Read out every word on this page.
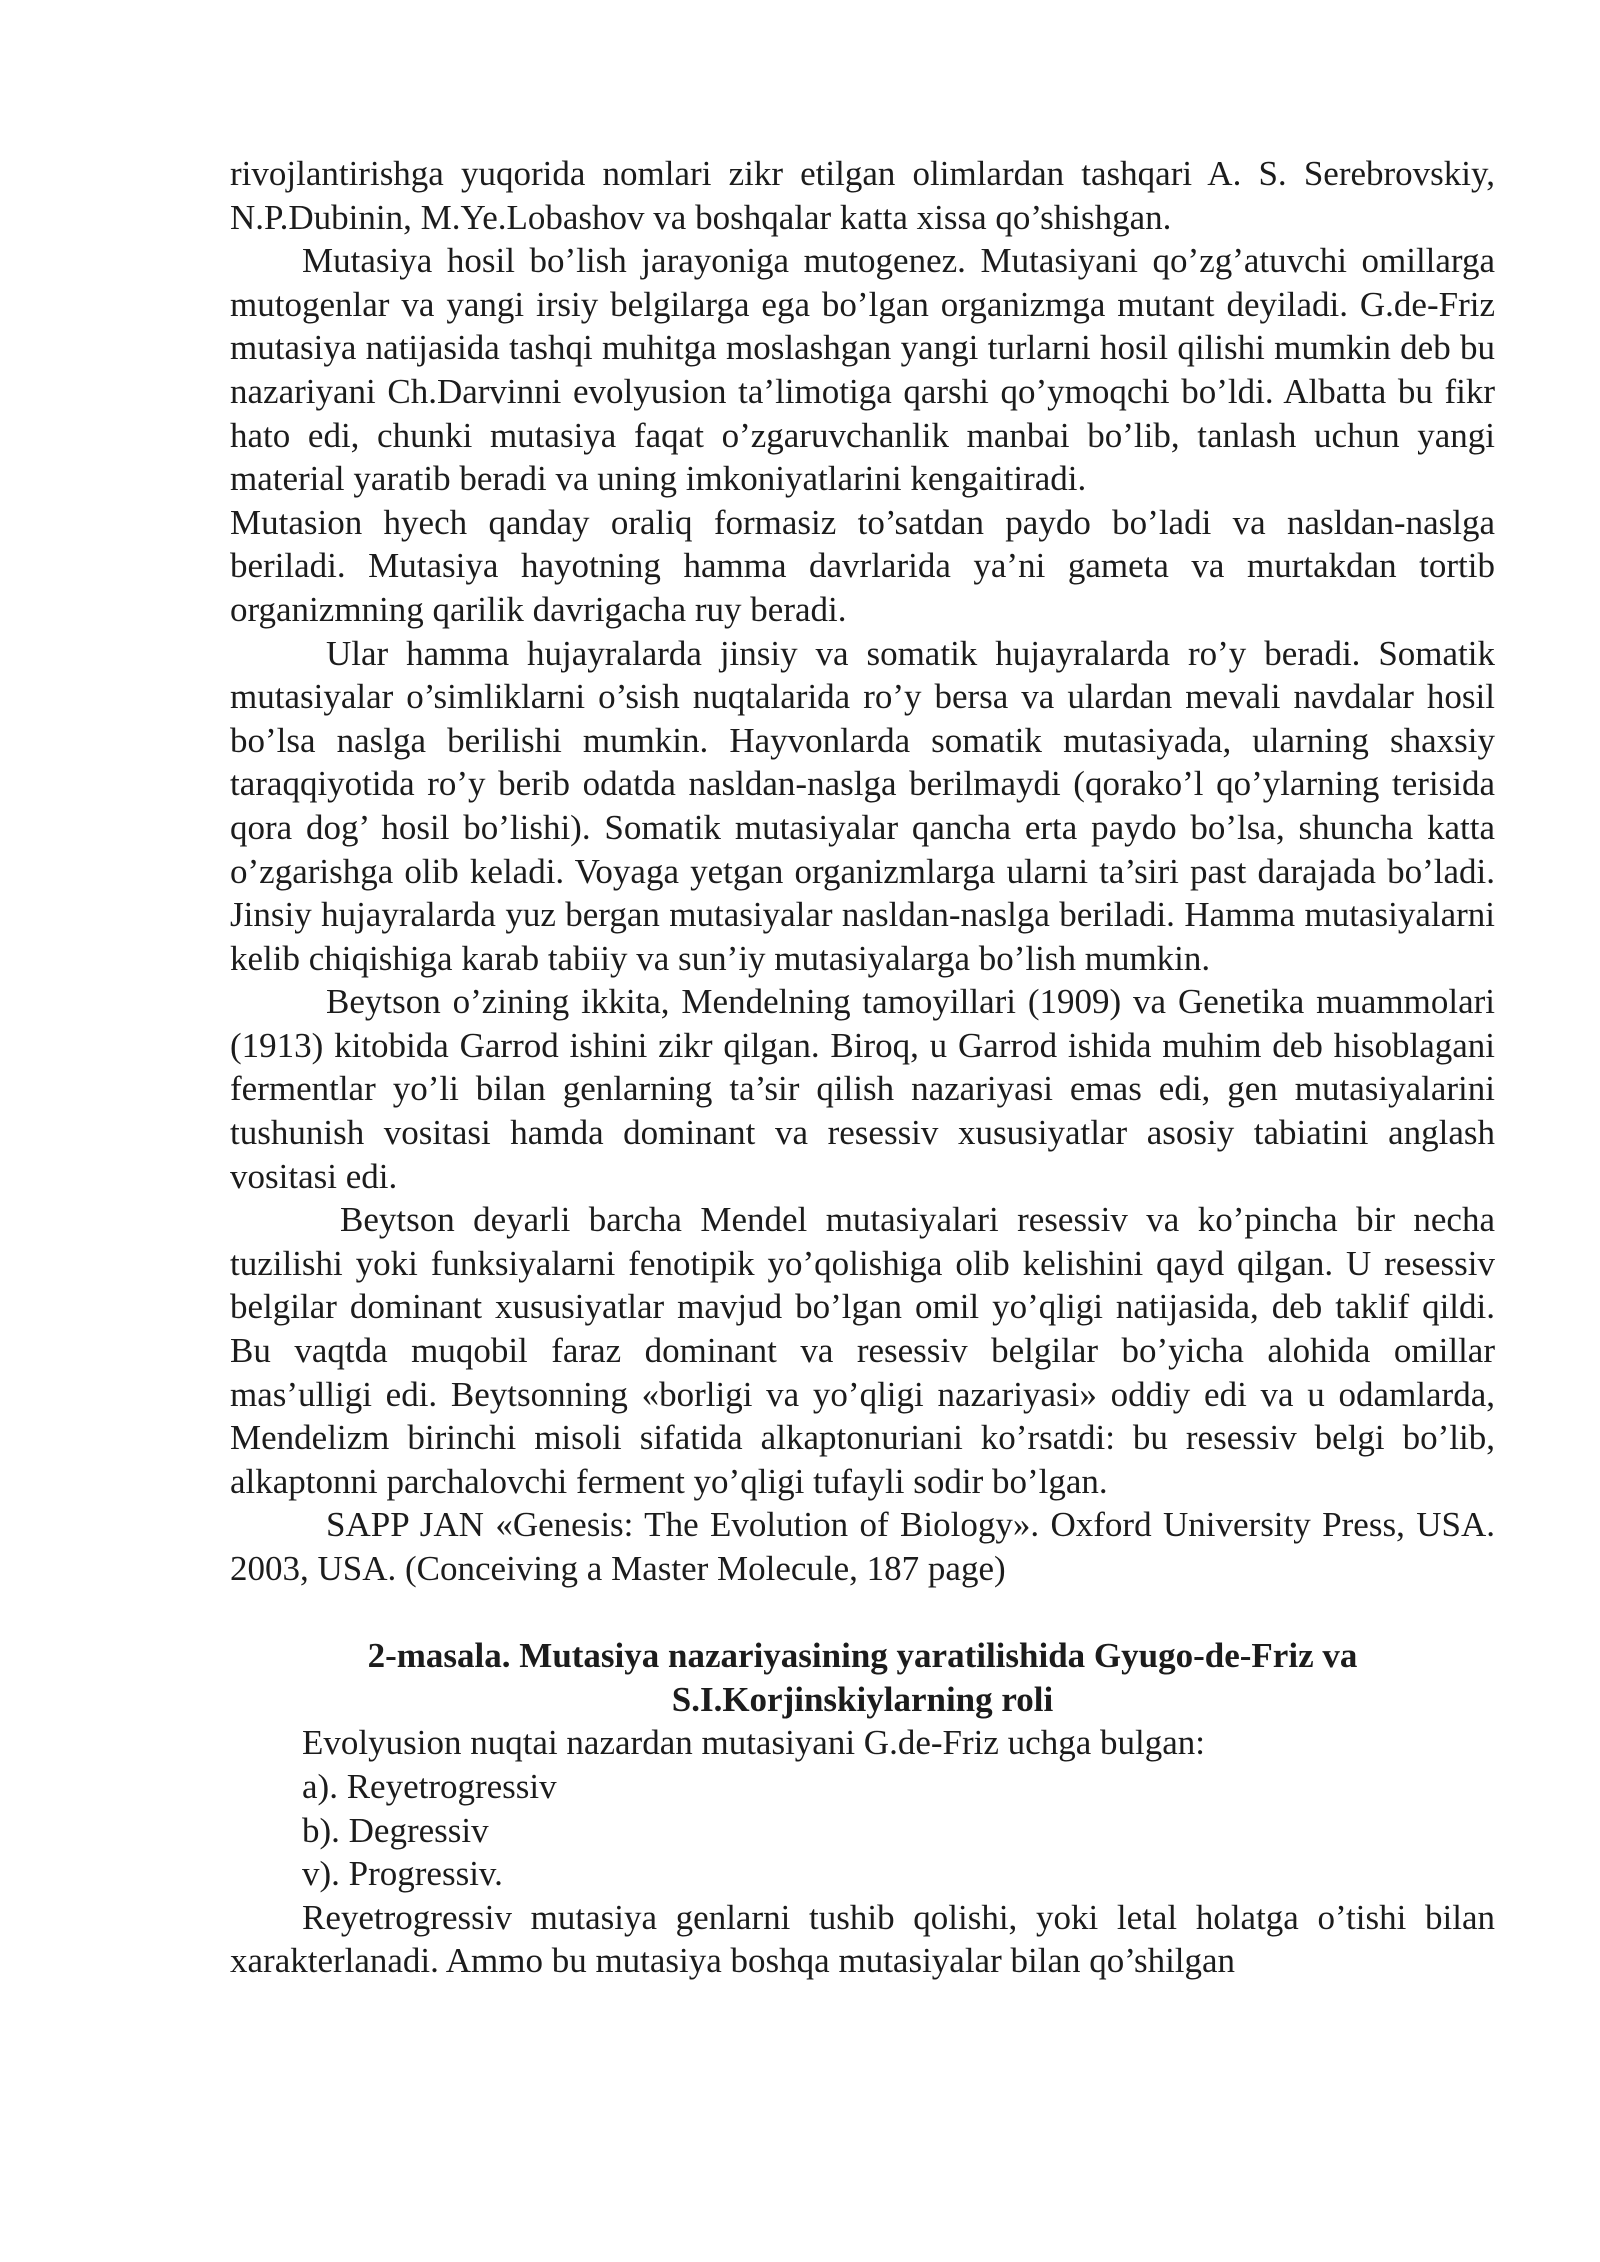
rivojlantirishga yuqorida nomlari zikr etilgan olimlardan tashqari A. S. Serebrovskiy, N.P.Dubinin, M.Ye.Lobashov va boshqalar katta xissa qo’shishgan.

Mutasiya hosil bo’lish jarayoniga mutogenez. Mutasiyani qo’zg’atuvchi omillarga mutogenlar va yangi irsiy belgilarga ega bo’lgan organizmga mutant deyiladi. G.de-Friz mutasiya natijasida tashqi muhitga moslashgan yangi turlarni hosil qilishi mumkin deb bu nazariyani Ch.Darvinni evolyusion ta’limotiga qarshi qo’ymoqchi bo’ldi. Albatta bu fikr hato edi, chunki mutasiya faqat o’zgaruvchanlik manbai bo’lib, tanlash uchun yangi material yaratib beradi va uning imkoniyatlarini kengaitiradi.

Mutasion hyech qanday oraliq formasiz to’satdan paydo bo’ladi va nasldan-naslga beriladi. Mutasiya hayotning hamma davrlarida ya’ni gameta va murtakdan tortib organizmning qarilik davrigacha ruy beradi.

Ular hamma hujayralarda jinsiy va somatik hujayralarda ro’y beradi. Somatik mutasiyalar o’simliklarni o’sish nuqtalarida ro’y bersa va ulardan mevali navdalar hosil bo’lsa naslga berilishi mumkin. Hayvonlarda somatik mutasiyada, ularning shaxsiy taraqqiyotida ro’y berib odatda nasldan-naslga berilmaydi (qorako’l qo’ylarning terisida qora dog’ hosil bo’lishi). Somatik mutasiyalar qancha erta paydo bo’lsa, shuncha katta o’zgarishga olib keladi. Voyaga yetgan organizmlarga ularni ta’siri past darajada bo’ladi. Jinsiy hujayralarda yuz bergan mutasiyalar nasldan-naslga beriladi. Hamma mutasiyalarni kelib chiqishiga karab tabiiy va sun’iy mutasiyalarga bo’lish mumkin.

Beytson o’zining ikkita, Mendelning tamoyillari (1909) va Genetika muammolari (1913) kitobida Garrod ishini zikr qilgan. Biroq, u Garrod ishida muhim deb hisoblagani fermentlar yo’li bilan genlarning ta’sir qilish nazariyasi emas edi, gen mutasiyalarini tushunish vositasi hamda dominant va resessiv xususiyatlar asosiy tabiatini anglash vositasi edi.

Beytson deyarli barcha Mendel mutasiyalari resessiv va ko’pincha bir necha tuzilishi yoki funksiyalarni fenotipik yo’qolishiga olib kelishini qayd qilgan. U resessiv belgilar dominant xususiyatlar mavjud bo’lgan omil yo’qligi natijasida, deb taklif qildi. Bu vaqtda muqobil faraz dominant va resessiv belgilar bo’yicha alohida omillar mas’ulligi edi. Beytsonning «borligi va yo’qligi nazariyasi» oddiy edi va u odamlarda, Mendelizm birinchi misoli sifatida alkaptonuriani ko’rsatdi: bu resessiv belgi bo’lib, alkaptonni parchalovchi ferment yo’qligi tufayli sodir bo’lgan.

SAPP JAN «Genesis: The Evolution of Biology». Oxford University Press, USA. 2003, USA. (Conceiving a Master Molecule, 187 page)

2-masala. Mutasiya nazariyasining yaratilishida Gyugo-de-Friz va
S.I.Korjinskiylarning roli

Evolyusion nuqtai nazardan mutasiyani G.de-Friz uchga bulgan:

a). Reyetrogressiv

b). Degressiv

v). Progressiv.

Reyetrogressiv mutasiya genlarni tushib qolishi, yoki letal holatga o’tishi bilan xarakterlanadi. Ammo bu mutasiya boshqa mutasiyalar bilan qo’shilgan
